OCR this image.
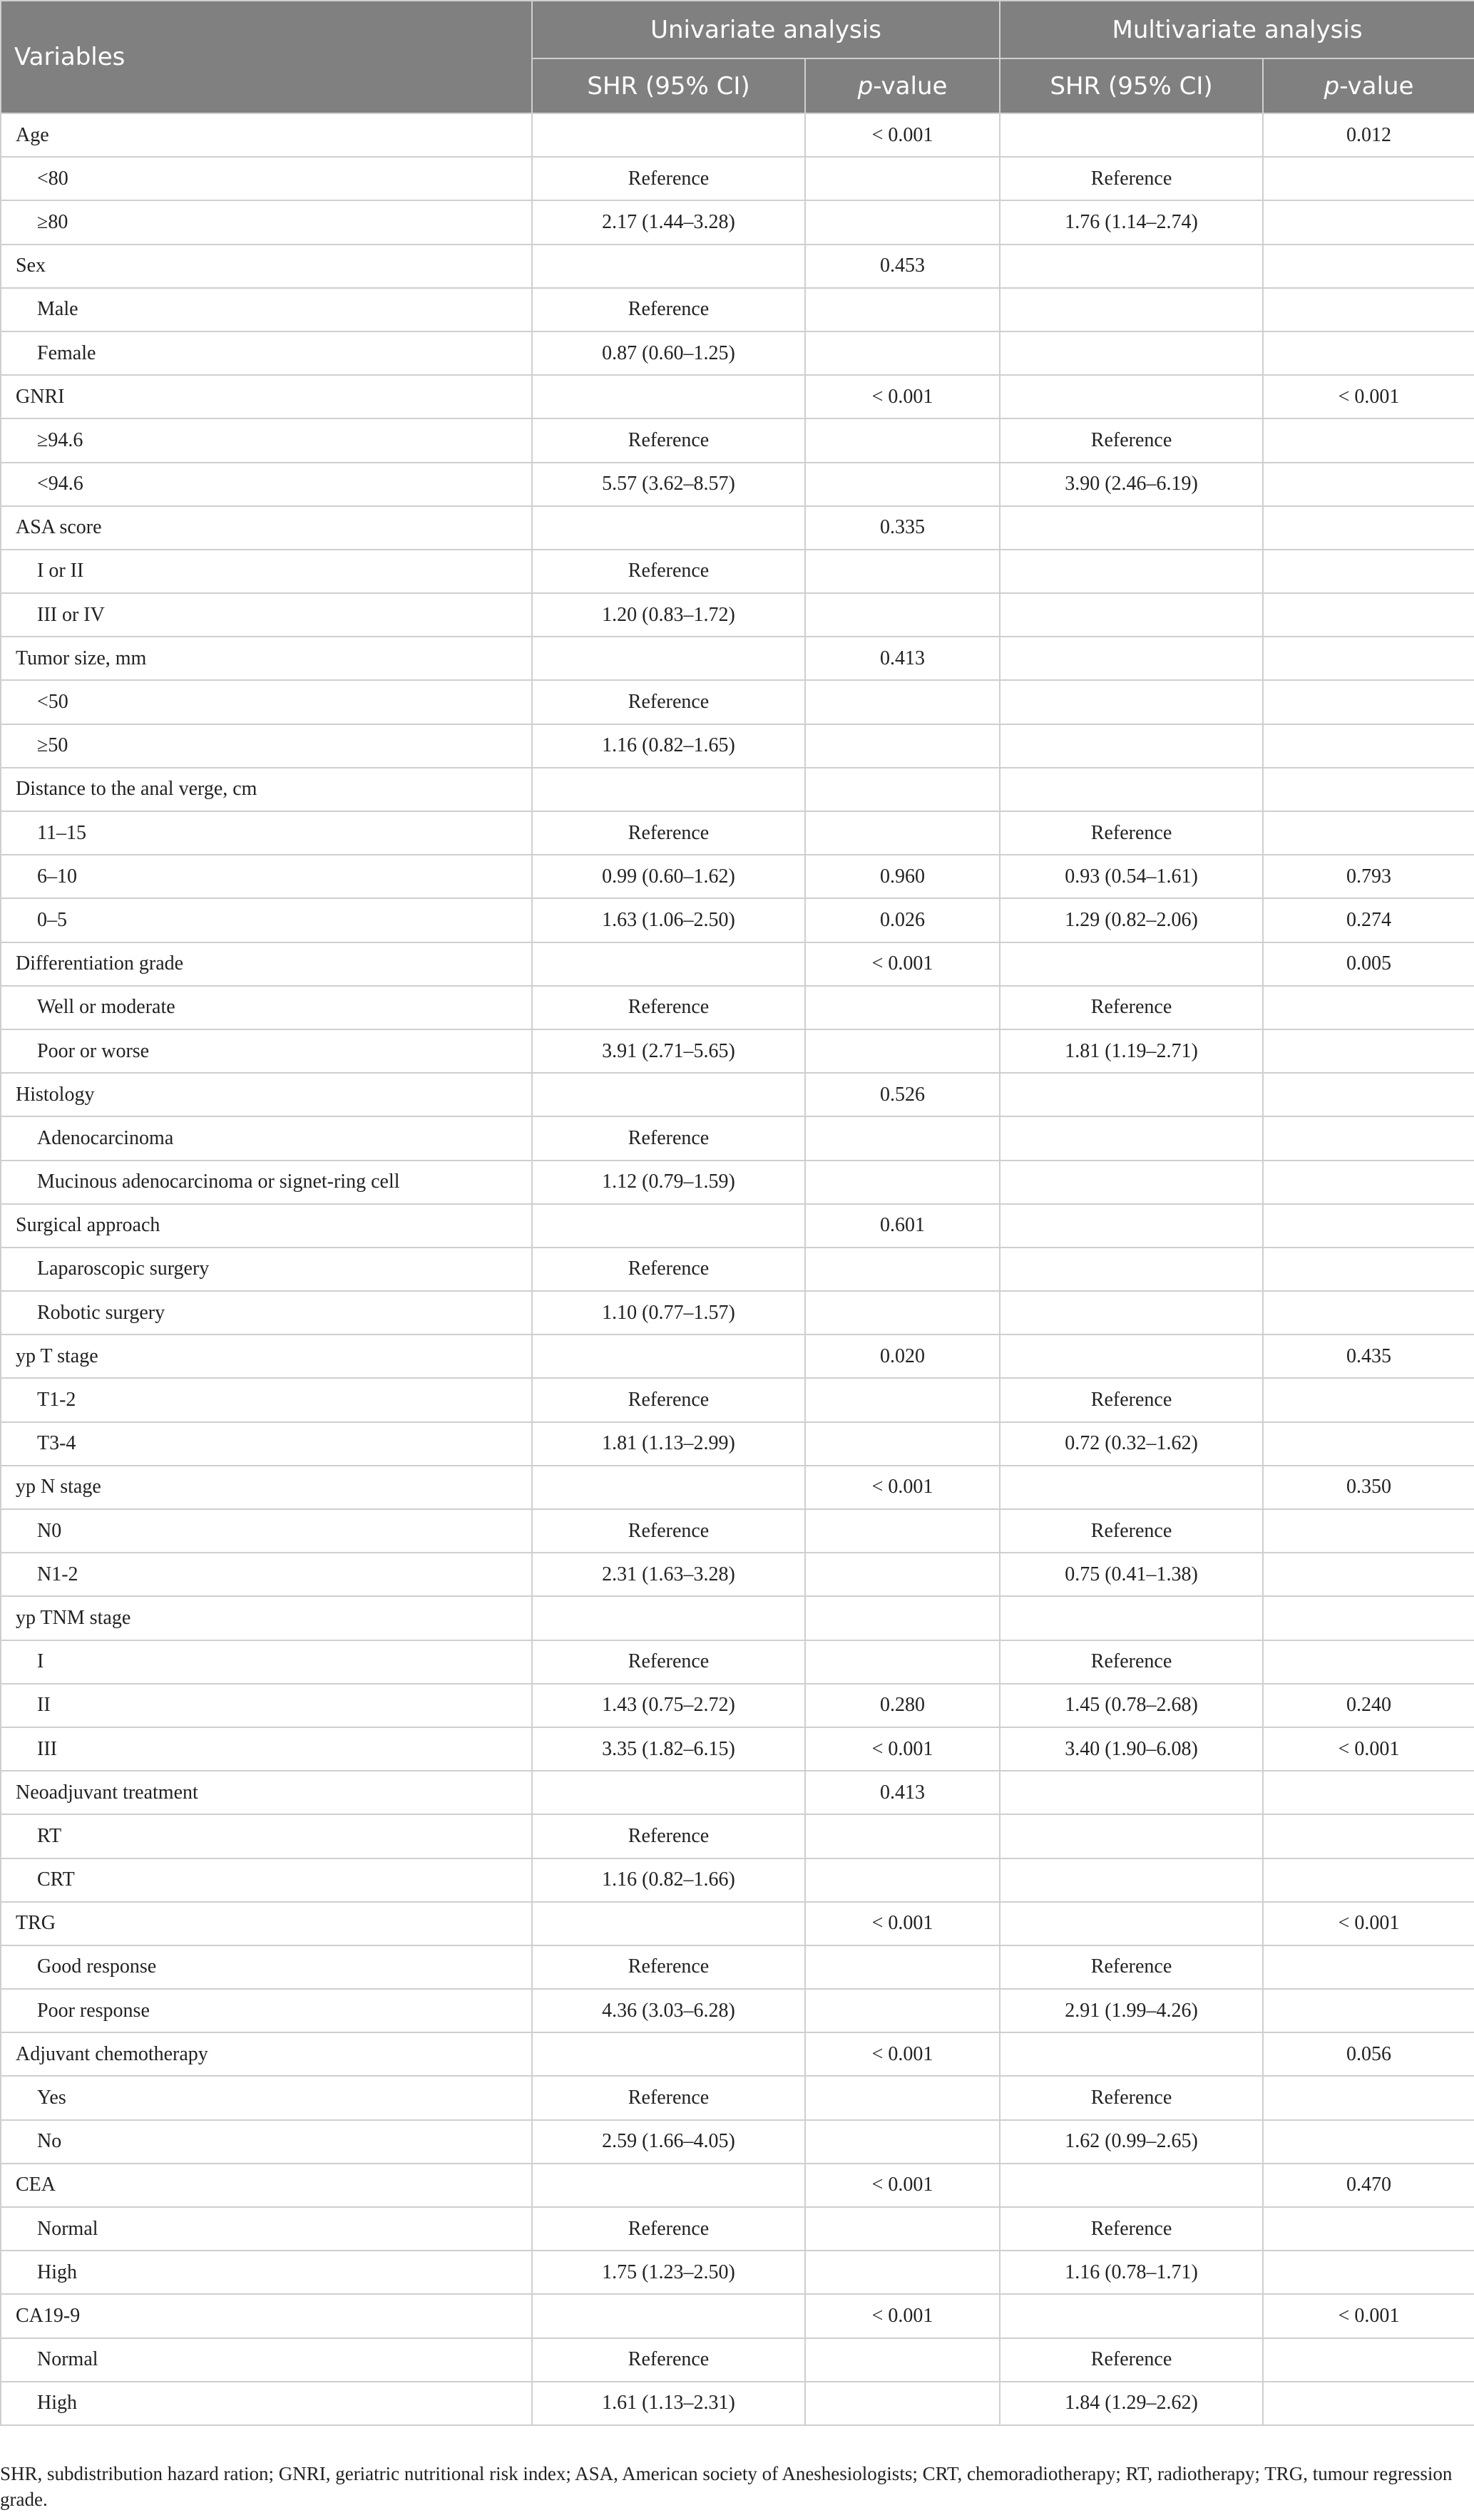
Variables	Univariate analysis		Multivariate analysis	
	SHR (95% CI)	p-value	SHR (95% CI)	p-value
Age		< 0.001		0.012
<80	Reference		Reference	
≥80	2.17 (1.44–3.28)		1.76 (1.14–2.74)	
Sex		0.453		
Male	Reference			
Female	0.87 (0.60–1.25)			
GNRI		< 0.001		< 0.001
≥94.6	Reference		Reference	
<94.6	5.57 (3.62–8.57)		3.90 (2.46–6.19)	
ASA score		0.335		
I or II	Reference			
III or IV	1.20 (0.83–1.72)			
Tumor size, mm		0.413		
<50	Reference			
≥50	1.16 (0.82–1.65)			
Distance to the anal verge, cm				
11–15	Reference		Reference	
6–10	0.99 (0.60–1.62)	0.960	0.93 (0.54–1.61)	0.793
0–5	1.63 (1.06–2.50)	0.026	1.29 (0.82–2.06)	0.274
Differentiation grade		< 0.001		0.005
Well or moderate	Reference		Reference	
Poor or worse	3.91 (2.71–5.65)		1.81 (1.19–2.71)	
Histology		0.526		
Adenocarcinoma	Reference			
Mucinous adenocarcinoma or signet-ring cell	1.12 (0.79–1.59)			
Surgical approach		0.601		
Laparoscopic surgery	Reference			
Robotic surgery	1.10 (0.77–1.57)			
yp T stage		0.020		0.435
T1-2	Reference		Reference	
T3-4	1.81 (1.13–2.99)		0.72 (0.32–1.62)	
yp N stage		< 0.001		0.350
N0	Reference		Reference	
N1-2	2.31 (1.63–3.28)		0.75 (0.41–1.38)	
yp TNM stage				
I	Reference		Reference	
II	1.43 (0.75–2.72)	0.280	1.45 (0.78–2.68)	0.240
III	3.35 (1.82–6.15)	< 0.001	3.40 (1.90–6.08)	< 0.001
Neoadjuvant treatment		0.413		
RT	Reference			
CRT	1.16 (0.82–1.66)			
TRG		< 0.001		< 0.001
Good response	Reference		Reference	
Poor response	4.36 (3.03–6.28)		2.91 (1.99–4.26)	
Adjuvant chemotherapy		< 0.001		0.056
Yes	Reference		Reference	
No	2.59 (1.66–4.05)		1.62 (0.99–2.65)	
CEA		< 0.001		0.470
Normal	Reference		Reference	
High	1.75 (1.23–2.50)		1.16 (0.78–1.71)	
CA19-9		< 0.001		< 0.001
Normal	Reference		Reference	
High	1.61 (1.13–2.31)		1.84 (1.29–2.62)	
SHR, subdistribution hazard ration; GNRI, geriatric nutritional risk index; ASA, American society of Aneshesiologists; CRT, chemoradiotherapy; RT, radiotherapy; TRG, tumour regression grade.
